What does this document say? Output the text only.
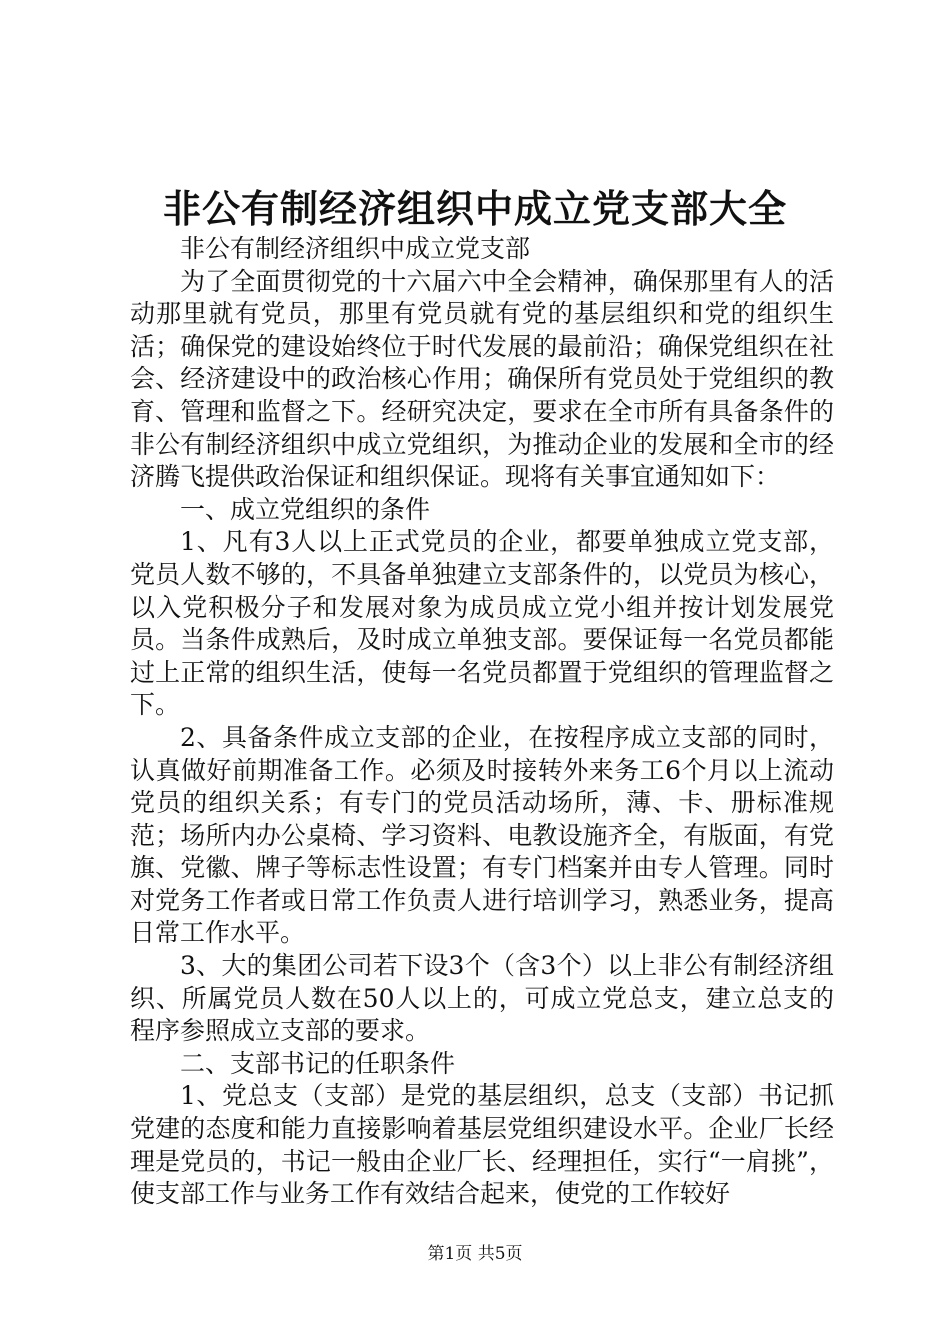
非公有制经济组织中成立党支部大全

非公有制经济组织中成立党支部

为了全面贯彻党的十六届六中全会精神，确保那里有人的活动那里就有党员，那里有党员就有党的基层组织和党的组织生活；确保党的建设始终位于时代发展的最前沿；确保党组织在社会、经济建设中的政治核心作用；确保所有党员处于党组织的教育、管理和监督之下。经研究决定，要求在全市所有具备条件的非公有制经济组织中成立党组织，为推动企业的发展和全市的经济腾飞提供政治保证和组织保证。现将有关事宜通知如下：

一、成立党组织的条件

1、凡有3人以上正式党员的企业，都要单独成立党支部，党员人数不够的，不具备单独建立支部条件的，以党员为核心，以入党积极分子和发展对象为成员成立党小组并按计划发展党员。当条件成熟后，及时成立单独支部。要保证每一名党员都能过上正常的组织生活，使每一名党员都置于党组织的管理监督之下。

2、具备条件成立支部的企业，在按程序成立支部的同时，认真做好前期准备工作。必须及时接转外来务工6个月以上流动党员的组织关系；有专门的党员活动场所，薄、卡、册标准规范；场所内办公桌椅、学习资料、电教设施齐全，有版面，有党旗、党徽、牌子等标志性设置；有专门档案并由专人管理。同时对党务工作者或日常工作负责人进行培训学习，熟悉业务，提高日常工作水平。

3、大的集团公司若下设3个（含3个）以上非公有制经济组织、所属党员人数在50人以上的，可成立党总支，建立总支的程序参照成立支部的要求。

二、支部书记的任职条件

1、党总支（支部）是党的基层组织，总支（支部）书记抓党建的态度和能力直接影响着基层党组织建设水平。企业厂长经理是党员的，书记一般由企业厂长、经理担任，实行“一肩挑”，使支部工作与业务工作有效结合起来，使党的工作较好

第1页 共5页
